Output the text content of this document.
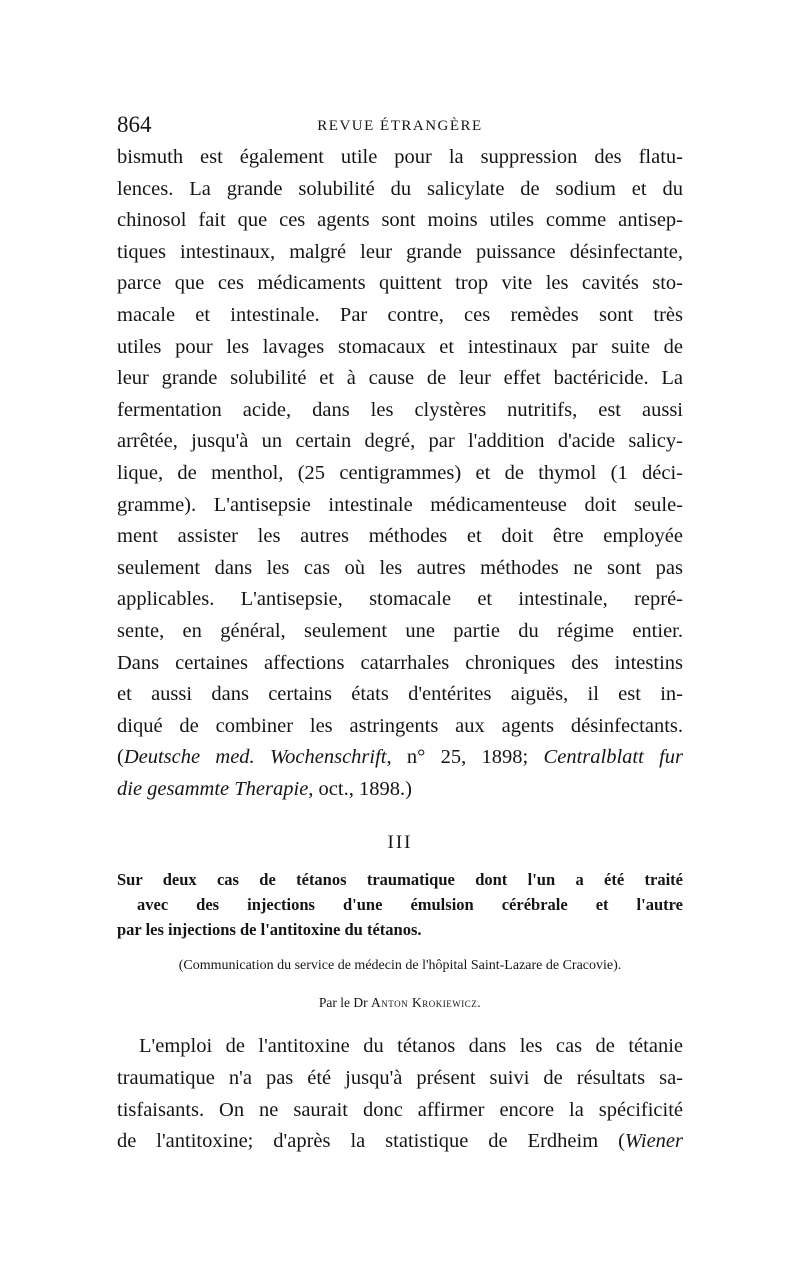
864	REVUE ÉTRANGÈRE
bismuth est également utile pour la suppression des flatu-
lences. La grande solubilité du salicylate de sodium et du
chinosol fait que ces agents sont moins utiles comme antisep-
tiques intestinaux, malgré leur grande puissance désinfectante,
parce que ces médicaments quittent trop vite les cavités sto-
macale et intestinale. Par contre, ces remèdes sont très
utiles pour les lavages stomacaux et intestinaux par suite de
leur grande solubilité et à cause de leur effet bactéricide. La
fermentation acide, dans les clystères nutritifs, est aussi
arrêtée, jusqu'à un certain degré, par l'addition d'acide salicy-
lique, de menthol, (25 centigrammes) et de thymol (1 déci-
gramme). L'antisepsie intestinale médicamenteuse doit seule-
ment assister les autres méthodes et doit être employée
seulement dans les cas où les autres méthodes ne sont pas
applicables. L'antisepsie, stomacale et intestinale, repré-
sente, en général, seulement une partie du régime entier.
Dans certaines affections catarrhales chroniques des intestins
et aussi dans certains états d'entérites aiguës, il est in-
diqué de combiner les astringents aux agents désinfectants.
(Deutsche med. Wochenschrift, n° 25, 1898; Centralblatt fur
die gesammte Therapie, oct., 1898.)
III
Sur deux cas de tétanos traumatique dont l'un a été traité
avec des injections d'une émulsion cérébrale et l'autre
par les injections de l'antitoxine du tétanos.
(Communication du service de médecin de l'hôpital Saint-Lazare de Cracovie).
Par le Dr Anton Krokiewicz.
L'emploi de l'antitoxine du tétanos dans les cas de tétanie
traumatique n'a pas été jusqu'à présent suivi de résultats sa-
tisfaisants. On ne saurait donc affirmer encore la spécificité
de l'antitoxine; d'après la statistique de Erdheim (Wiener
